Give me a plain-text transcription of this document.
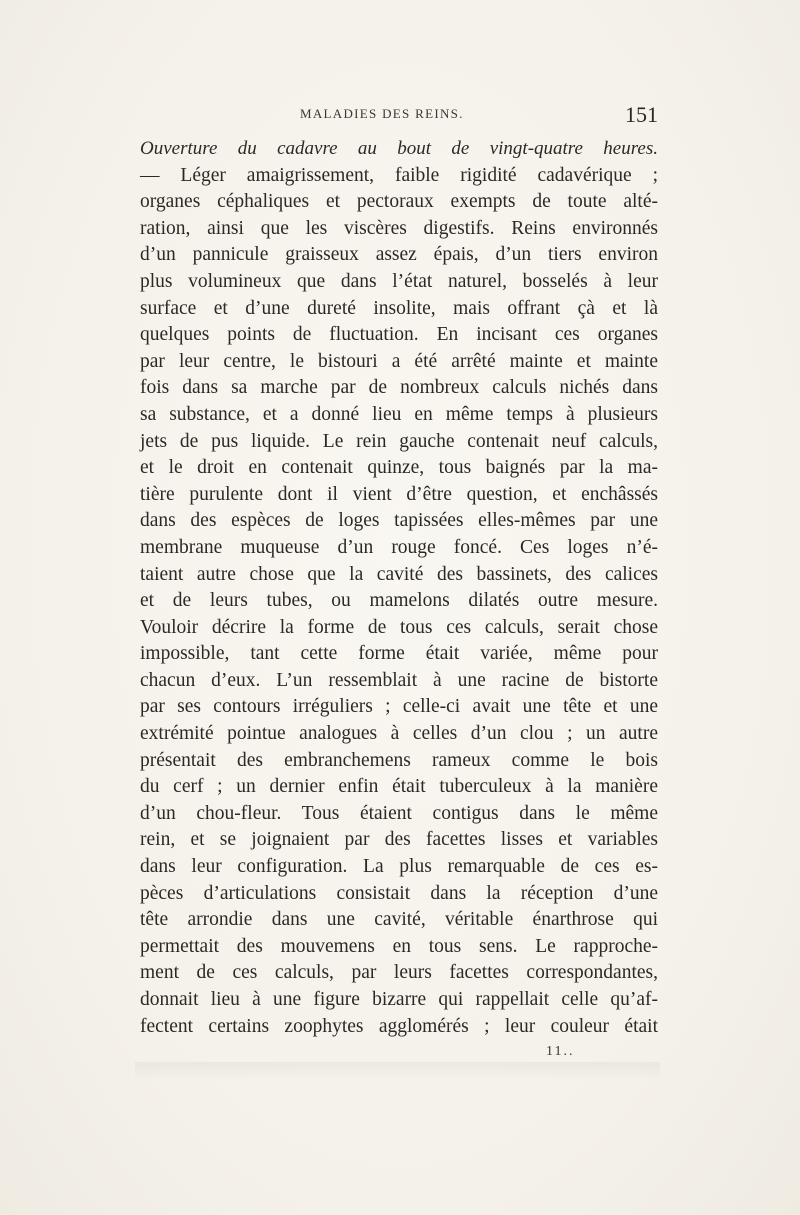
MALADIES DES REINS.	151
Ouverture du cadavre au bout de vingt-quatre heures.
— Léger amaigrissement, faible rigidité cadavérique ;
organes céphaliques et pectoraux exempts de toute alté-
ration, ainsi que les viscères digestifs. Reins environnés
d’un pannicule graisseux assez épais, d’un tiers environ
plus volumineux que dans l’état naturel, bosselés à leur
surface et d’une dureté insolite, mais offrant çà et là
quelques points de fluctuation. En incisant ces organes
par leur centre, le bistouri a été arrêté mainte et mainte
fois dans sa marche par de nombreux calculs nichés dans
sa substance, et a donné lieu en même temps à plusieurs
jets de pus liquide. Le rein gauche contenait neuf calculs,
et le droit en contenait quinze, tous baignés par la ma-
tière purulente dont il vient d’être question, et enchâssés
dans des espèces de loges tapissées elles-mêmes par une
membrane muqueuse d’un rouge foncé. Ces loges n’é-
taient autre chose que la cavité des bassinets, des calices
et de leurs tubes, ou mamelons dilatés outre mesure.
Vouloir décrire la forme de tous ces calculs, serait chose
impossible, tant cette forme était variée, même pour
chacun d’eux. L’un ressemblait à une racine de bistorte
par ses contours irréguliers ; celle-ci avait une tête et une
extrémité pointue analogues à celles d’un clou ; un autre
présentait des embranchemens rameux comme le bois
du cerf ; un dernier enfin était tuberculeux à la manière
d’un chou-fleur. Tous étaient contigus dans le même
rein, et se joignaient par des facettes lisses et variables
dans leur configuration. La plus remarquable de ces es-
pèces d’articulations consistait dans la réception d’une
tête arrondie dans une cavité, véritable énarthrose qui
permettait des mouvemens en tous sens. Le rapproche-
ment de ces calculs, par leurs facettes correspondantes,
donnait lieu à une figure bizarre qui rappellait celle qu’af-
fectent certains zoophytes agglomérés ; leur couleur était
11..
